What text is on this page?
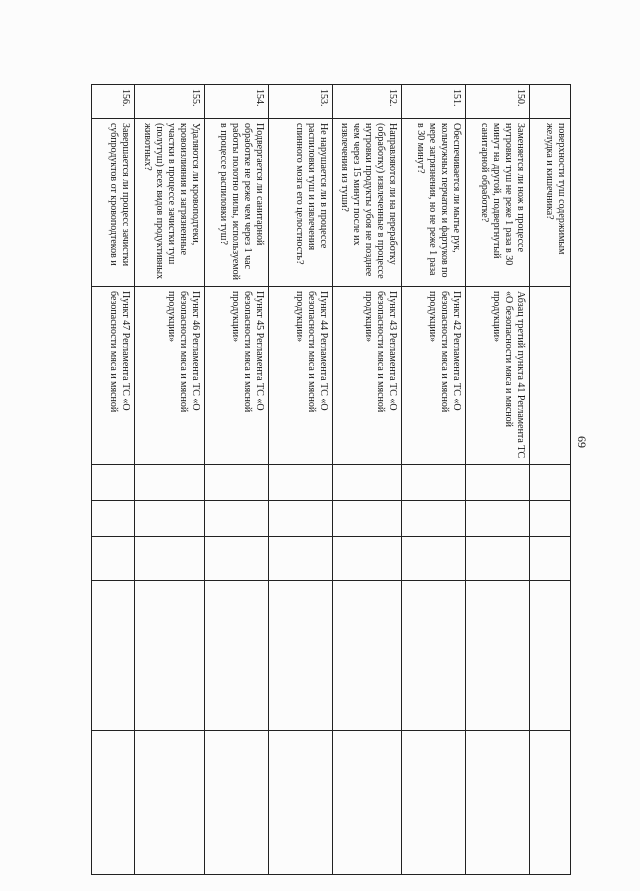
69
	поверхности туш содержимым желудка и кишечника?						
150.	Заменяется ли нож в процессе нутровки туш не реже 1 раза в 30 минут на другой, подвергнутый санитарной обработке?	Абзац третий пункта 41 Регламента ТС «О безопасности мяса и мясной продукции»					
151.	Обеспечивается ли мытье рук, кольчужных перчаток и фартуков по мере загрязнения, но не реже 1 раза в 30 минут?	Пункт 42 Регламента ТС «О безопасности мяса и мясной продукции»					
152.	Направляются ли на переработку (обработку) извлеченные в процессе нутровки продукты убоя не позднее чем через 15 минут после их извлечения из туши?	Пункт 43 Регламента ТС «О безопасности мяса и мясной продукции»					
153.	Не нарушается ли в процессе распиловки туш и извлечения спинного мозга его целостность?	Пункт 44 Регламента ТС «О безопасности мяса и мясной продукции»					
154.	Подвергается ли санитарной обработке не реже чем через 1 час работы полотно пилы, используемой в процессе распиловки туш?	Пункт 45 Регламента ТС «О безопасности мяса и мясной продукции»					
155.	Удаляются ли кровоподтеки, кровоизлияния и загрязненные участки в процессе зачистки туш (полутуш) всех видов продуктивных животных?	Пункт 46 Регламента ТС «О безопасности мяса и мясной продукции»					
156.	Завершается ли процесс зачистки субпродуктов от кровоподтеков и	Пункт 47 Регламента ТС «О безопасности мяса и мясной					
